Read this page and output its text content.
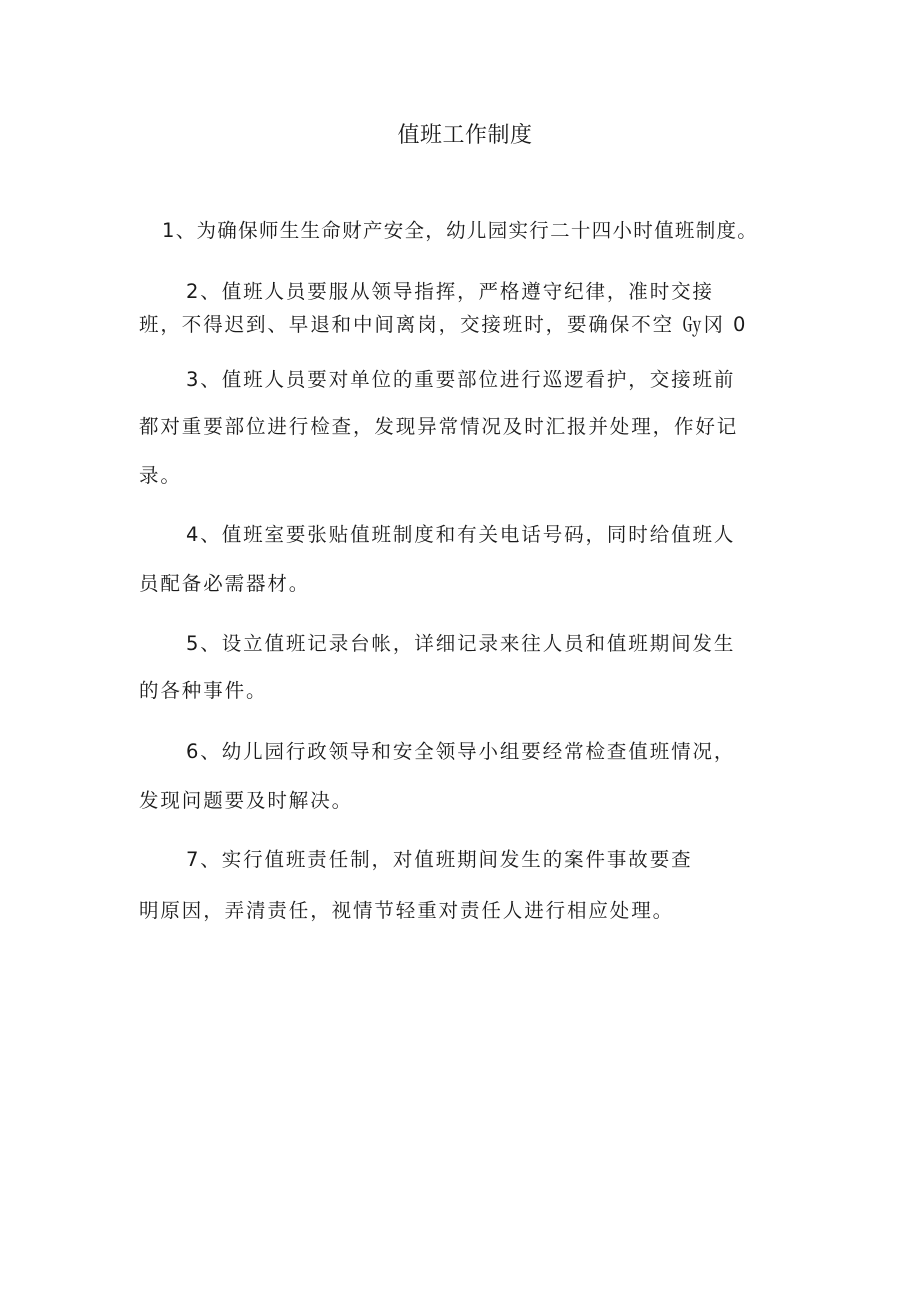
值班工作制度
1、为确保师生生命财产安全，幼儿园实行二十四小时值班制度。
2、值班人员要服从领导指挥，严格遵守纪律，准时交接
班，不得迟到、早退和中间离岗，交接班时，要确保不空 ㏉冈 0
3、值班人员要对单位的重要部位进行巡逻看护，交接班前
都对重要部位进行检查，发现异常情况及时汇报并处理，作好记
录。
4、值班室要张贴值班制度和有关电话号码，同时给值班人
员配备必需器材。
5、设立值班记录台帐，详细记录来往人员和值班期间发生
的各种事件。
6、幼儿园行政领导和安全领导小组要经常检查值班情况，
发现问题要及时解决。
7、实行值班责任制，对值班期间发生的案件事故要查
明原因，弄清责任，视情节轻重对责任人进行相应处理。
